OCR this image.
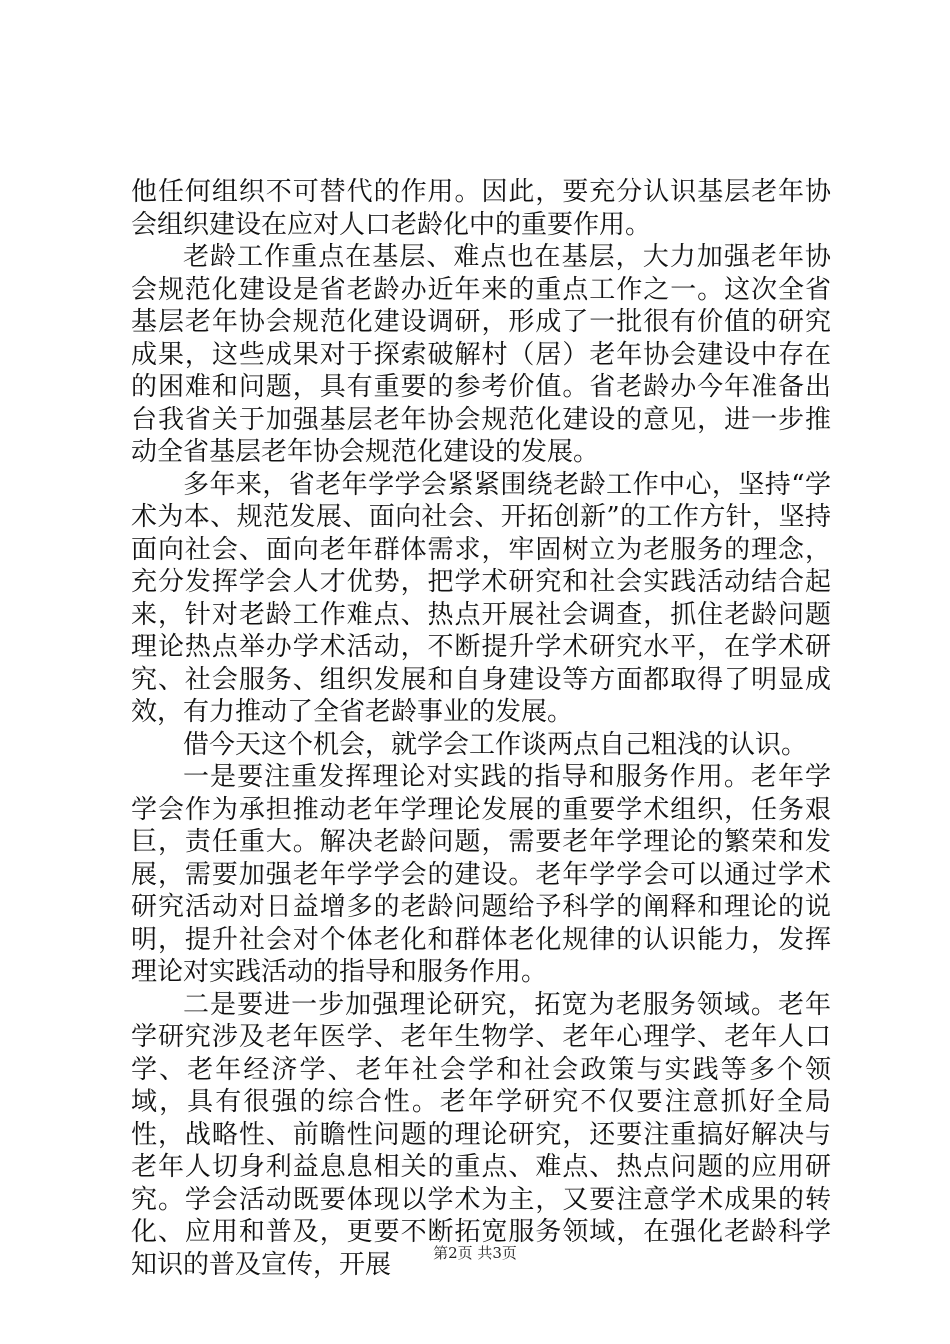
他任何组织不可替代的作用。因此，要充分认识基层老年协会组织建设在应对人口老龄化中的重要作用。

老龄工作重点在基层、难点也在基层，大力加强老年协会规范化建设是省老龄办近年来的重点工作之一。这次全省基层老年协会规范化建设调研，形成了一批很有价值的研究成果，这些成果对于探索破解村（居）老年协会建设中存在的困难和问题，具有重要的参考价值。省老龄办今年准备出台我省关于加强基层老年协会规范化建设的意见，进一步推动全省基层老年协会规范化建设的发展。

多年来，省老年学学会紧紧围绕老龄工作中心，坚持“学术为本、规范发展、面向社会、开拓创新”的工作方针，坚持面向社会、面向老年群体需求，牢固树立为老服务的理念，充分发挥学会人才优势，把学术研究和社会实践活动结合起来，针对老龄工作难点、热点开展社会调查，抓住老龄问题理论热点举办学术活动，不断提升学术研究水平，在学术研究、社会服务、组织发展和自身建设等方面都取得了明显成效，有力推动了全省老龄事业的发展。

借今天这个机会，就学会工作谈两点自己粗浅的认识。

一是要注重发挥理论对实践的指导和服务作用。老年学学会作为承担推动老年学理论发展的重要学术组织，任务艰巨，责任重大。解决老龄问题，需要老年学理论的繁荣和发展，需要加强老年学学会的建设。老年学学会可以通过学术研究活动对日益增多的老龄问题给予科学的阐释和理论的说明，提升社会对个体老化和群体老化规律的认识能力，发挥理论对实践活动的指导和服务作用。

二是要进一步加强理论研究，拓宽为老服务领域。老年学研究涉及老年医学、老年生物学、老年心理学、老年人口学、老年经济学、老年社会学和社会政策与实践等多个领域，具有很强的综合性。老年学研究不仅要注意抓好全局性，战略性、前瞻性问题的理论研究，还要注重搞好解决与老年人切身利益息息相关的重点、难点、热点问题的应用研究。学会活动既要体现以学术为主，又要注意学术成果的转化、应用和普及，更要不断拓宽服务领域，在强化老龄科学知识的普及宣传，开展	第2页 共3页
